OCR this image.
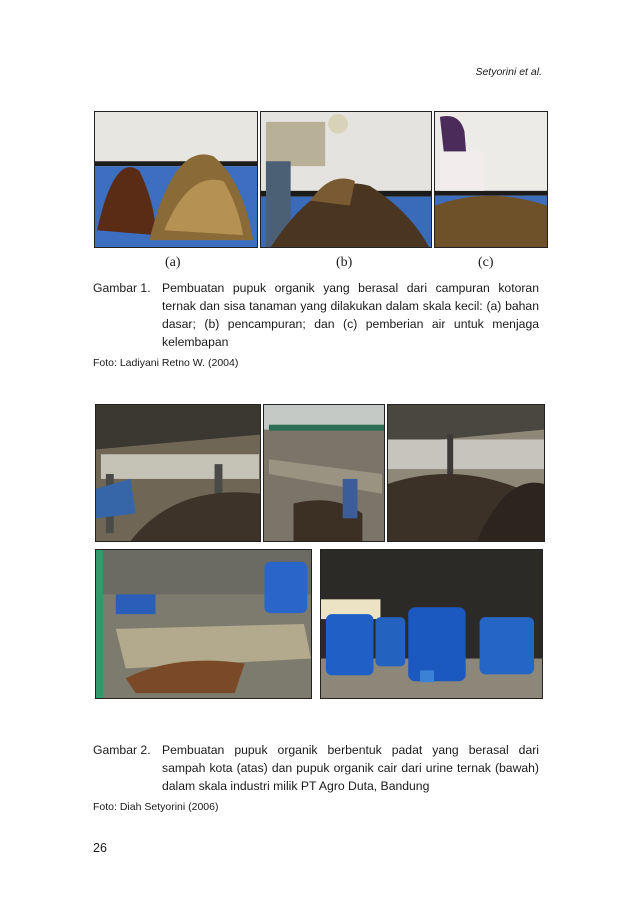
Setyorini et al.
(a)	(b)	(c)
Gambar 1. Pembuatan pupuk organik yang berasal dari campuran kotoran ternak dan sisa tanaman yang dilakukan dalam skala kecil: (a) bahan dasar; (b) pencampuran; dan (c) pemberian air untuk menjaga kelembapan
Foto: Ladiyani Retno W. (2004)
Gambar 2. Pembuatan pupuk organik berbentuk padat yang berasal dari sampah kota (atas) dan pupuk organik cair dari urine ternak (bawah) dalam skala industri milik PT Agro Duta, Bandung
Foto: Diah Setyorini (2006)
26
